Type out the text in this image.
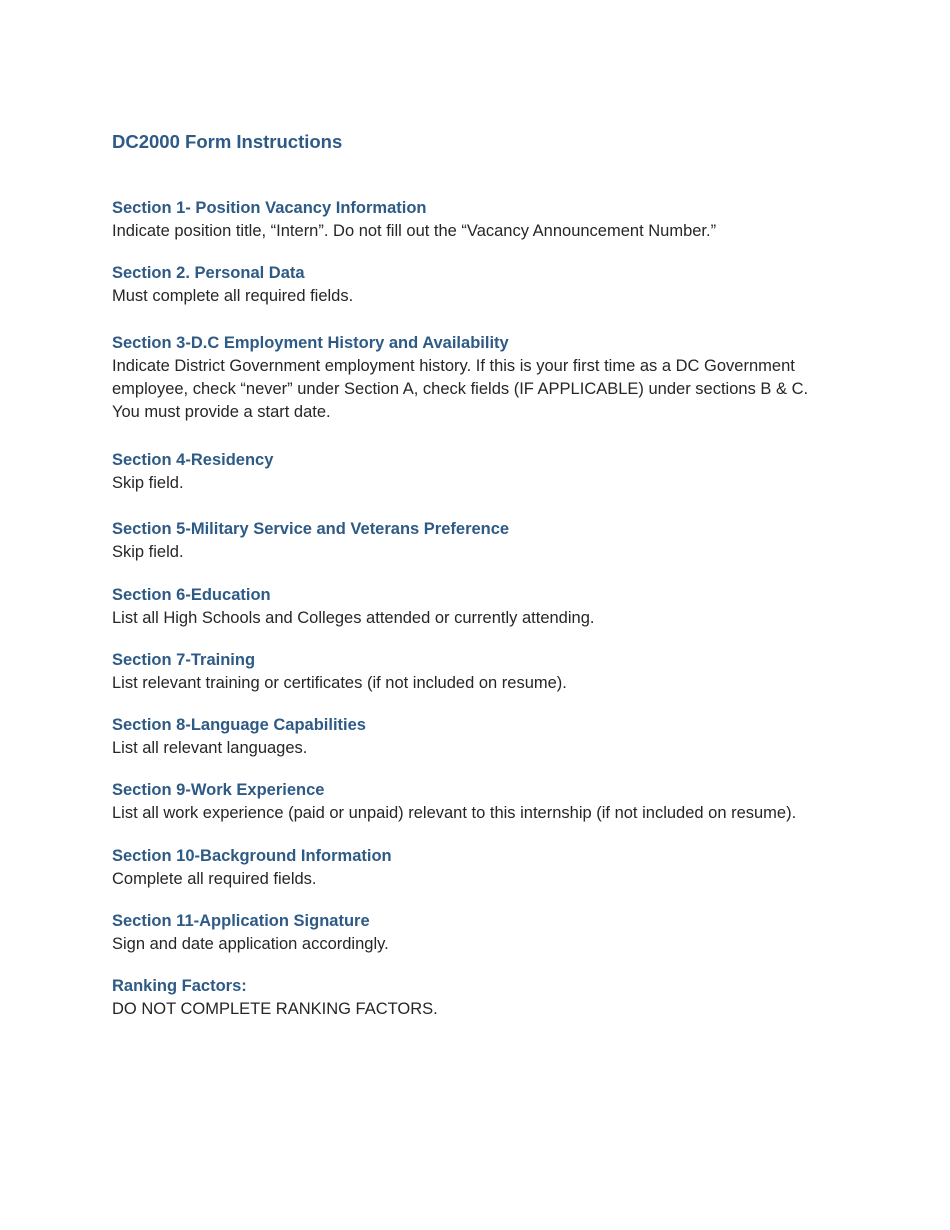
DC2000 Form Instructions

Section 1- Position Vacancy Information

Indicate position title, “Intern”. Do not fill out the “Vacancy Announcement Number.”

Section 2. Personal Data

Must complete all required fields.

Section 3-D.C Employment History and Availability

Indicate District Government employment history. If this is your first time as a DC Government

employee, check “never” under Section A, check fields (IF APPLICABLE) under sections B & C.

You must provide a start date.

Section 4-Residency

Skip field.

Section 5-Military Service and Veterans Preference

Skip field.

Section 6-Education

List all High Schools and Colleges attended or currently attending.

Section 7-Training

List relevant training or certificates (if not included on resume).

Section 8-Language Capabilities

List all relevant languages.

Section 9-Work Experience

List all work experience (paid or unpaid) relevant to this internship (if not included on resume).

Section 10-Background Information

Complete all required fields.

Section 11-Application Signature

Sign and date application accordingly.

Ranking Factors:

DO NOT COMPLETE RANKING FACTORS.
